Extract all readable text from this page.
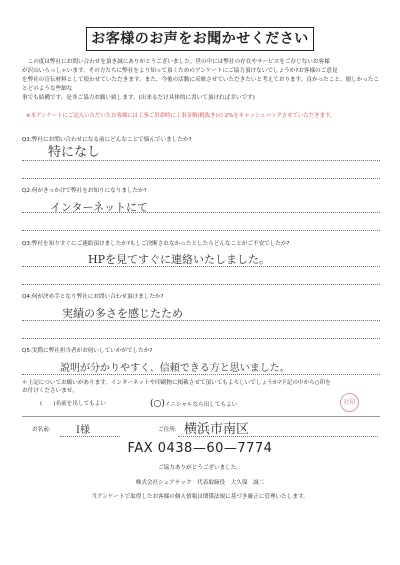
お客様のお声をお聞かせください
　この度は弊社にお問い合わせを頂き誠にありがとうございました。世の中には弊社の存在やサービスをご存じないお客様
が沢山いらっしゃいます。その方たちに弊社をより知って頂くためのアンケートにご協力頂けないでしょうか?お客様のご意見
を弊社の宣伝材料として使わせていただきます。また、今後の活動に反映させていただきたいと考えております。良かったこと、嬉しかったことどのような些細な
事でも結構です。是非ご協力お願い致します。(出来るだけ具体的に書いて頂ければ幸いです)
※本アンケートにご記入いただいたお客様には工事ご用命時に工事金額(税抜き)の 2%をキャッシュバックさせていただきます。
Q1:弊社にお問い合わせになる前にどんなことで悩んでいましたか?
特になし
Q2:何がきっかけで弊社をお知りになりましたか?
インターネットにて
Q3:弊社を知りすぐにご連絡頂けましたか?もしご決断されなかったとしたらどんなことがご不安でしたか?
HPを見てすぐに連絡いたしました。
Q4:何が決め手となり弊社にお問い合わせ頂けましたか?
実績の多さを感じたため
Q5:実際に弊社担当者がお伺いしていかがでしたか?
説明が分かりやすく、信頼できる方と思いました。
＊上記についてお願いがあります。インターネットや印刷物に掲載させて頂いてもよろしいでしょうか?下記の中から○印を
お付けくださいませ。
(　　)名前を出してもよい	(○)イニシャルなら出してもよい	社印
お名前:	I様	ご住所: 横浜市南区
FAX 0438—60—7774
ご協力ありがとうございました。
株式会社シェアテック　代表取締役　大久保　誠二
当アンケートで取得したお客様の個人情報は関係法規に基づき厳正に管理いたします。
